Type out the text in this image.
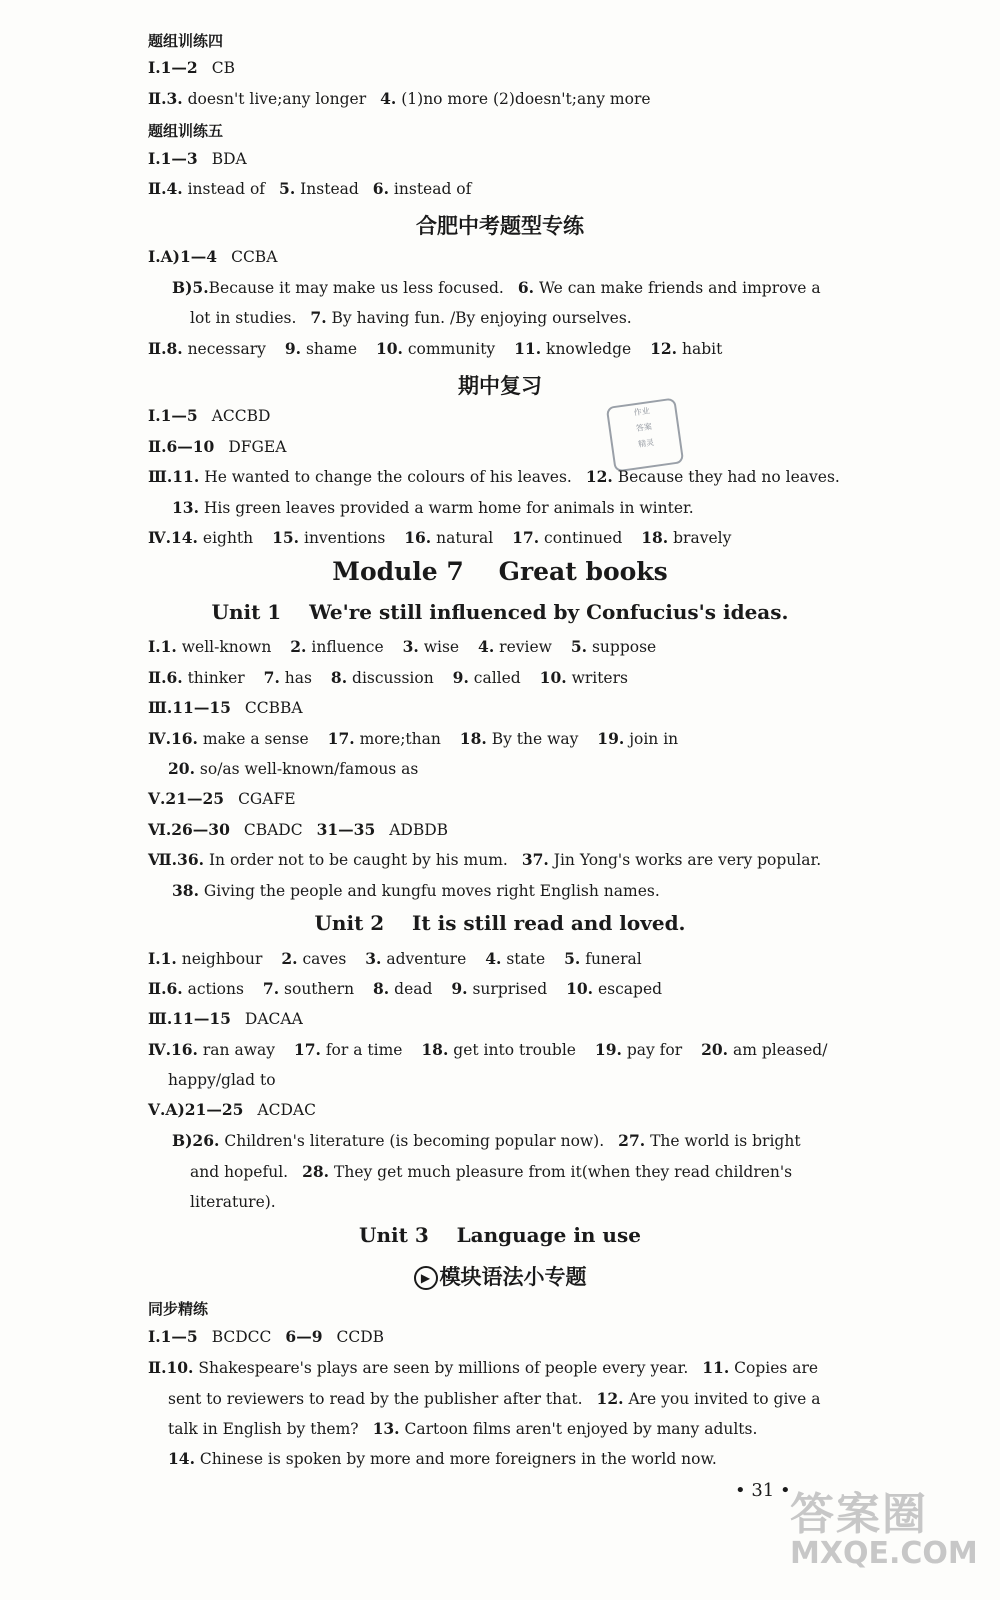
题组训练四
Ⅰ.1—2 CB
Ⅱ.3. doesn't live;any longer 4. (1)no more (2)doesn't;any more
题组训练五
Ⅰ.1—3 BDA
Ⅱ.4. instead of 5. Instead 6. instead of
合肥中考题型专练
Ⅰ.A)1—4 CCBA
B)5.Because it may make us less focused. 6. We can make friends and improve a
lot in studies. 7. By having fun. /By enjoying ourselves.
Ⅱ.8. necessary 9. shame 10. community 11. knowledge 12. habit
期中复习
Ⅰ.1—5 ACCBD
Ⅱ.6—10 DFGEA
作业
答案
精灵
Ⅲ.11. He wanted to change the colours of his leaves. 12. Because they had no leaves.
13. His green leaves provided a warm home for animals in winter.
Ⅳ.14. eighth 15. inventions 16. natural 17. continued 18. bravely
Module 7    Great books
Unit 1    We're still influenced by Confucius's ideas.
Ⅰ.1. well-known 2. influence 3. wise 4. review 5. suppose
Ⅱ.6. thinker 7. has 8. discussion 9. called 10. writers
Ⅲ.11—15 CCBBA
Ⅳ.16. make a sense 17. more;than 18. By the way 19. join in
20. so/as well-known/famous as
Ⅴ.21—25 CGAFE
Ⅵ.26—30 CBADC 31—35 ADBDB
Ⅶ.36. In order not to be caught by his mum. 37. Jin Yong's works are very popular.
38. Giving the people and kungfu moves right English names.
Unit 2    It is still read and loved.
Ⅰ.1. neighbour 2. caves 3. adventure 4. state 5. funeral
Ⅱ.6. actions 7. southern 8. dead 9. surprised 10. escaped
Ⅲ.11—15 DACAA
Ⅳ.16. ran away 17. for a time 18. get into trouble 19. pay for 20. am pleased/
happy/glad to
Ⅴ.A)21—25 ACDAC
B)26. Children's literature (is becoming popular now). 27. The world is bright
and hopeful. 28. They get much pleasure from it(when they read children's
literature).
Unit 3    Language in use
▶ 模块语法小专题
同步精练
Ⅰ.1—5 BCDCC 6—9 CCDB
Ⅱ.10. Shakespeare's plays are seen by millions of people every year. 11. Copies are
sent to reviewers to read by the publisher after that. 12. Are you invited to give a
talk in English by them? 13. Cartoon films aren't enjoyed by many adults.
14. Chinese is spoken by more and more foreigners in the world now.
• 31 • 答案圈
MXQE.COM
